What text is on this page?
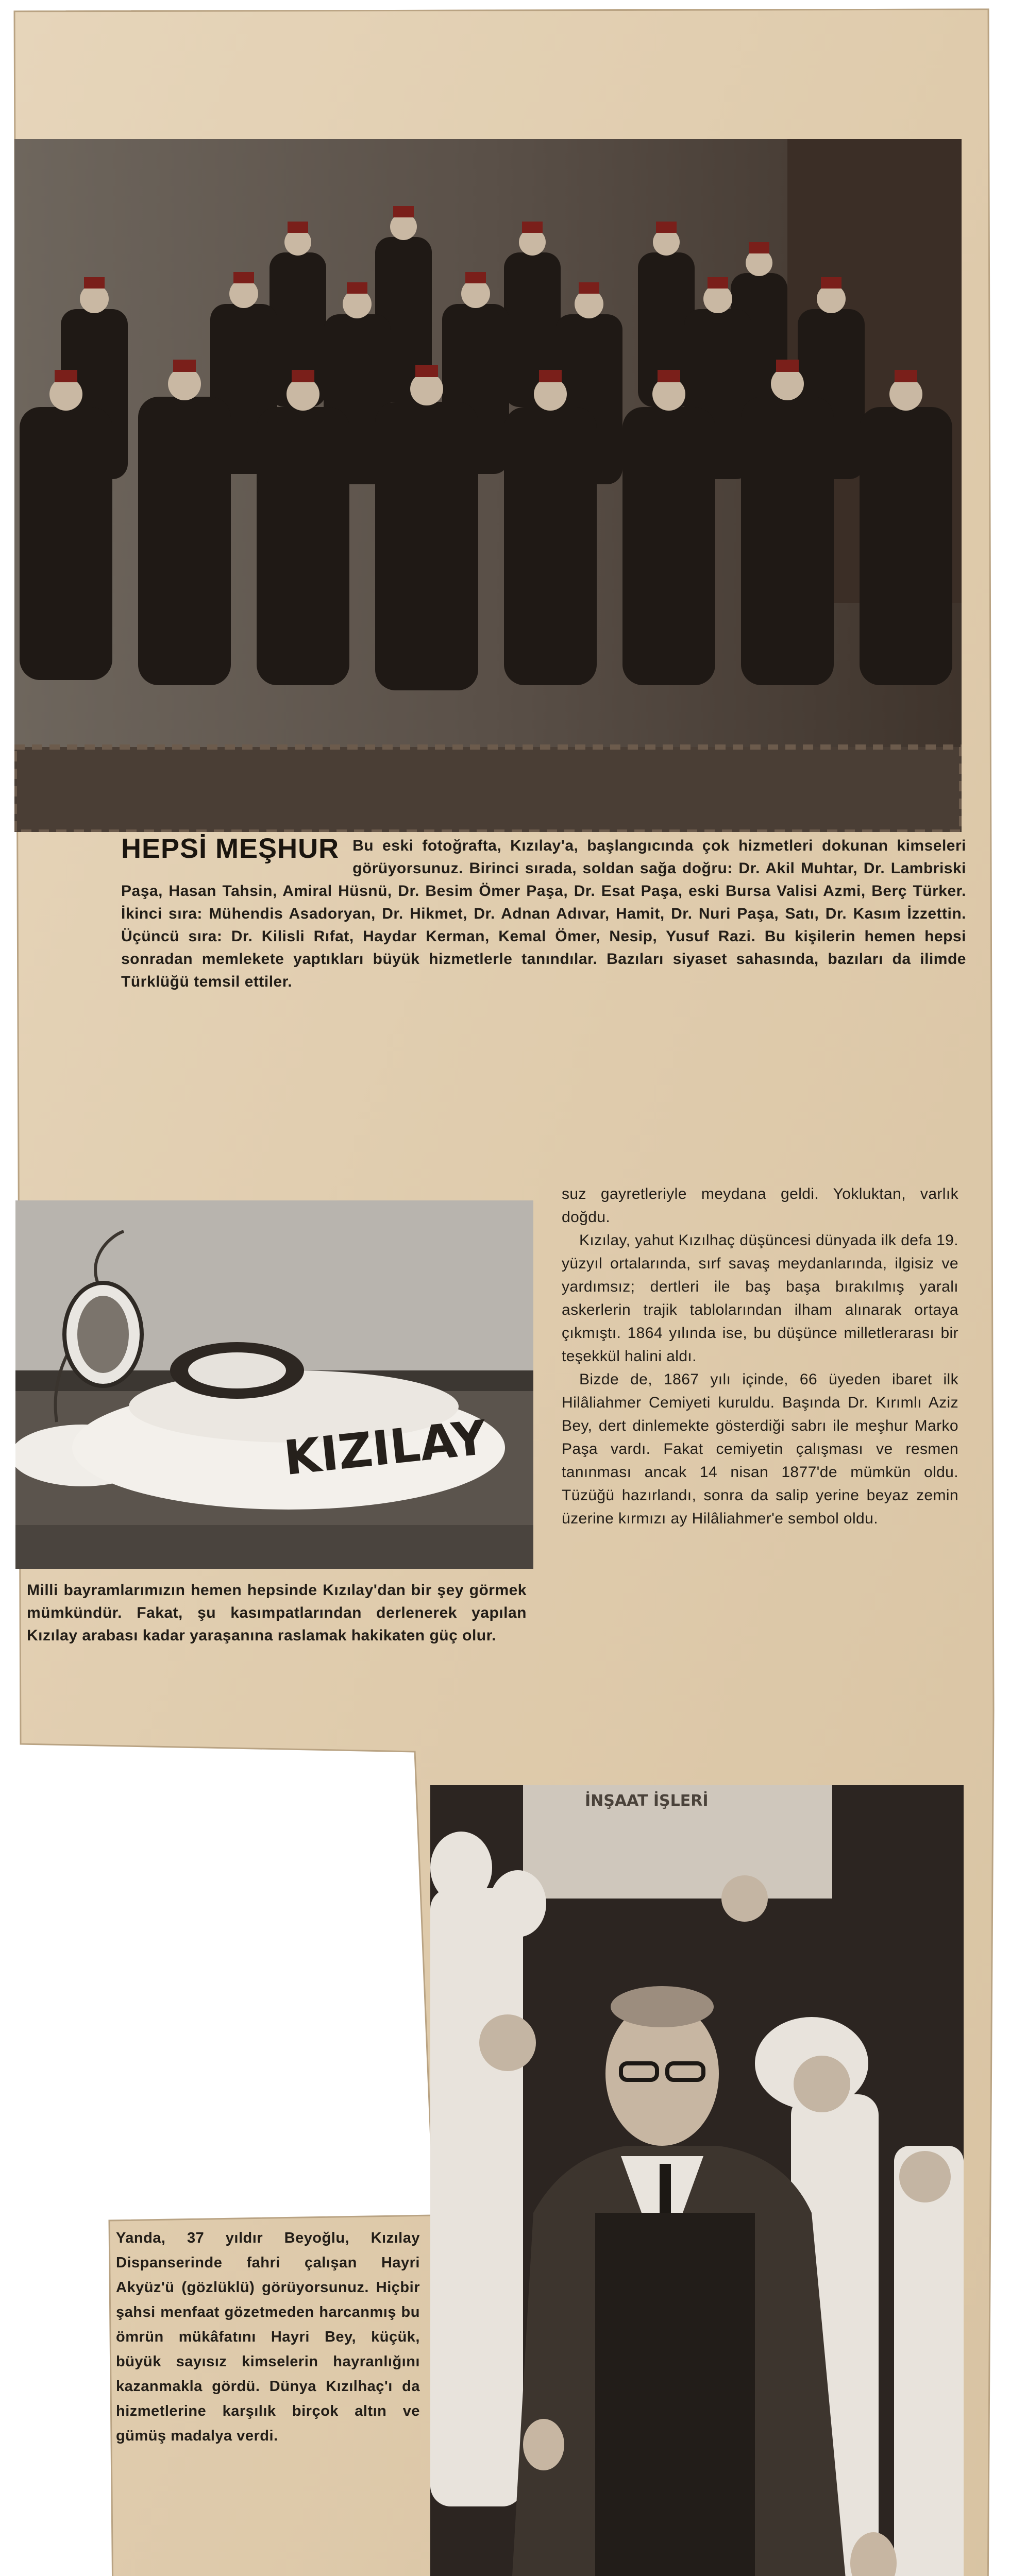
HEPSİ MEŞHUR Bu eski fotoğrafta, Kızılay'a, başlangıcında çok hizmetleri dokunan kimseleri görüyorsunuz. Birinci sırada, soldan sağa doğru: Dr. Akil Muhtar, Dr. Lambriski Paşa, Hasan Tahsin, Amiral Hüsnü, Dr. Besim Ömer Paşa, Dr. Esat Paşa, eski Bursa Valisi Azmi, Berç Türker. İkinci sıra: Mühendis Asadoryan, Dr. Hikmet, Dr. Adnan Adıvar, Hamit, Dr. Nuri Paşa, Satı, Dr. Kasım İzzettin. Üçüncü sıra: Dr. Kilisli Rıfat, Haydar Kerman, Kemal Ömer, Nesip, Yusuf Razi. Bu kişilerin hemen hepsi sonradan memlekete yaptıkları büyük hizmetlerle tanındılar. Bazıları siyaset sahasında, bazıları da ilimde Türklüğü temsil ettiler.
KIZILAY
Milli bayramlarımızın hemen hepsinde Kızılay'dan bir şey görmek mümkündür. Fakat, şu kasımpatlarından derlenerek yapılan Kızılay arabası kadar yaraşanına raslamak hakikaten güç olur.

suz gayretleriyle meydana geldi. Yokluktan, varlık doğdu.

Kızılay, yahut Kızılhaç düşüncesi dünyada ilk defa 19. yüzyıl ortalarında, sırf savaş meydanlarında, ilgisiz ve yardımsız; dertleri ile baş başa bırakılmış yaralı askerlerin trajik tablolarından ilham alınarak ortaya çıkmıştı. 1864 yılında ise, bu düşünce milletlerarası bir teşekkül halini aldı.

Bizde de, 1867 yılı içinde, 66 üyeden ibaret ilk Hilâliahmer Cemiyeti kuruldu. Başında Dr. Kırımlı Aziz Bey, dert dinlemekte gösterdiği sabrı ile meşhur Marko Paşa vardı. Fakat cemiyetin çalışması ve resmen tanınması ancak 14 nisan 1877'de mümkün oldu. Tüzüğü hazırlandı, sonra da salip yerine beyaz zemin üzerine kırmızı ay Hilâliahmer'e sembol oldu.

İNŞAAT İŞLERİ
Yanda, 37 yıldır Beyoğlu, Kızılay Dispanserinde fahri çalışan Hayri Akyüz'ü (gözlüklü) görüyorsunuz. Hiçbir şahsi menfaat gözetmeden harcanmış bu ömrün mükâfatını Hayri Bey, küçük, büyük sayısız kimselerin hayranlığını kazanmakla gördü. Dünya Kızılhaç'ı da hizmetlerine karşılık birçok altın ve gümüş madalya verdi.
